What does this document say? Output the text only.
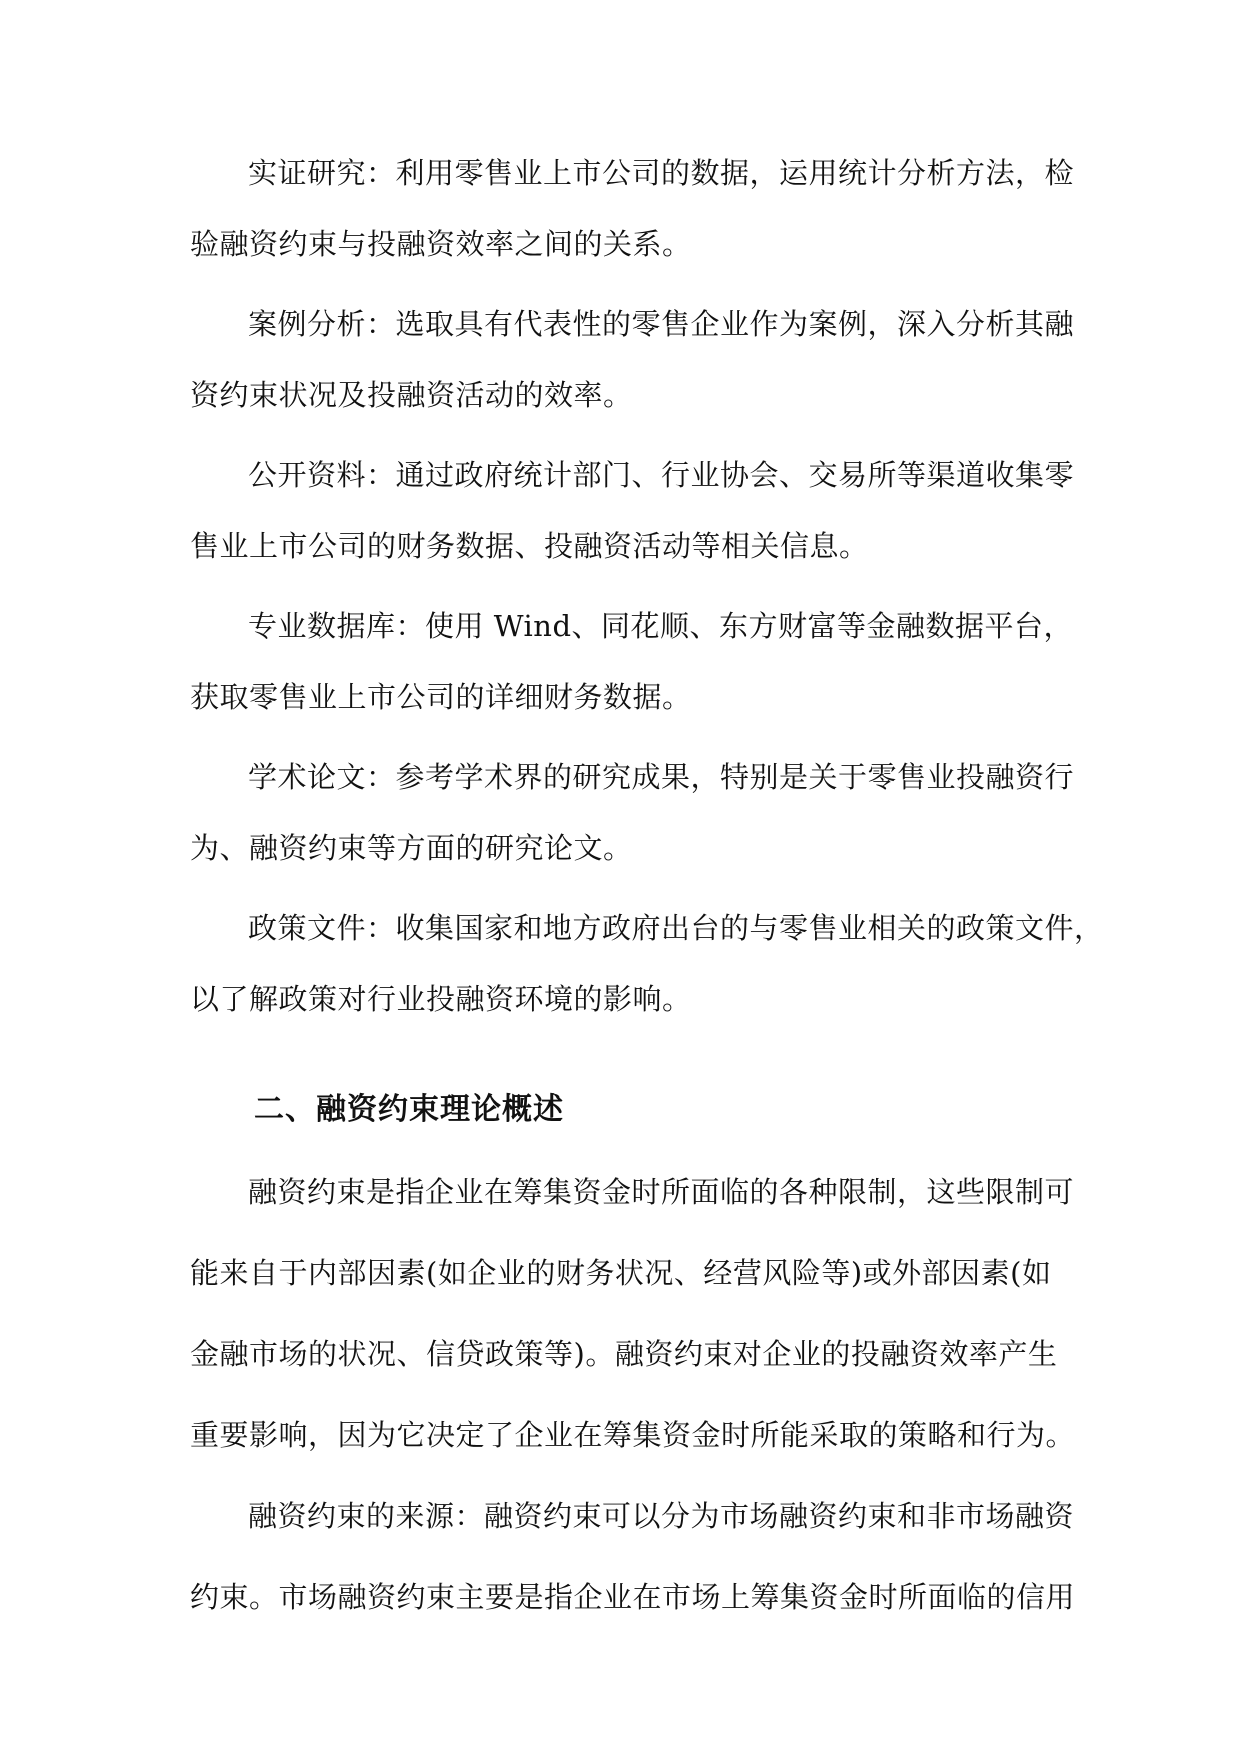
实证研究：利用零售业上市公司的数据，运用统计分析方法，检
验融资约束与投融资效率之间的关系。
案例分析：选取具有代表性的零售企业作为案例，深入分析其融
资约束状况及投融资活动的效率。
公开资料：通过政府统计部门、行业协会、交易所等渠道收集零
售业上市公司的财务数据、投融资活动等相关信息。
专业数据库：使用 Wind、同花顺、东方财富等金融数据平台，
获取零售业上市公司的详细财务数据。
学术论文：参考学术界的研究成果，特别是关于零售业投融资行
为、融资约束等方面的研究论文。
政策文件：收集国家和地方政府出台的与零售业相关的政策文件，
以了解政策对行业投融资环境的影响。
二、融资约束理论概述
融资约束是指企业在筹集资金时所面临的各种限制，这些限制可
能来自于内部因素(如企业的财务状况、经营风险等)或外部因素(如
金融市场的状况、信贷政策等)。融资约束对企业的投融资效率产生
重要影响，因为它决定了企业在筹集资金时所能采取的策略和行为。
融资约束的来源：融资约束可以分为市场融资约束和非市场融资
约束。市场融资约束主要是指企业在市场上筹集资金时所面临的信用
